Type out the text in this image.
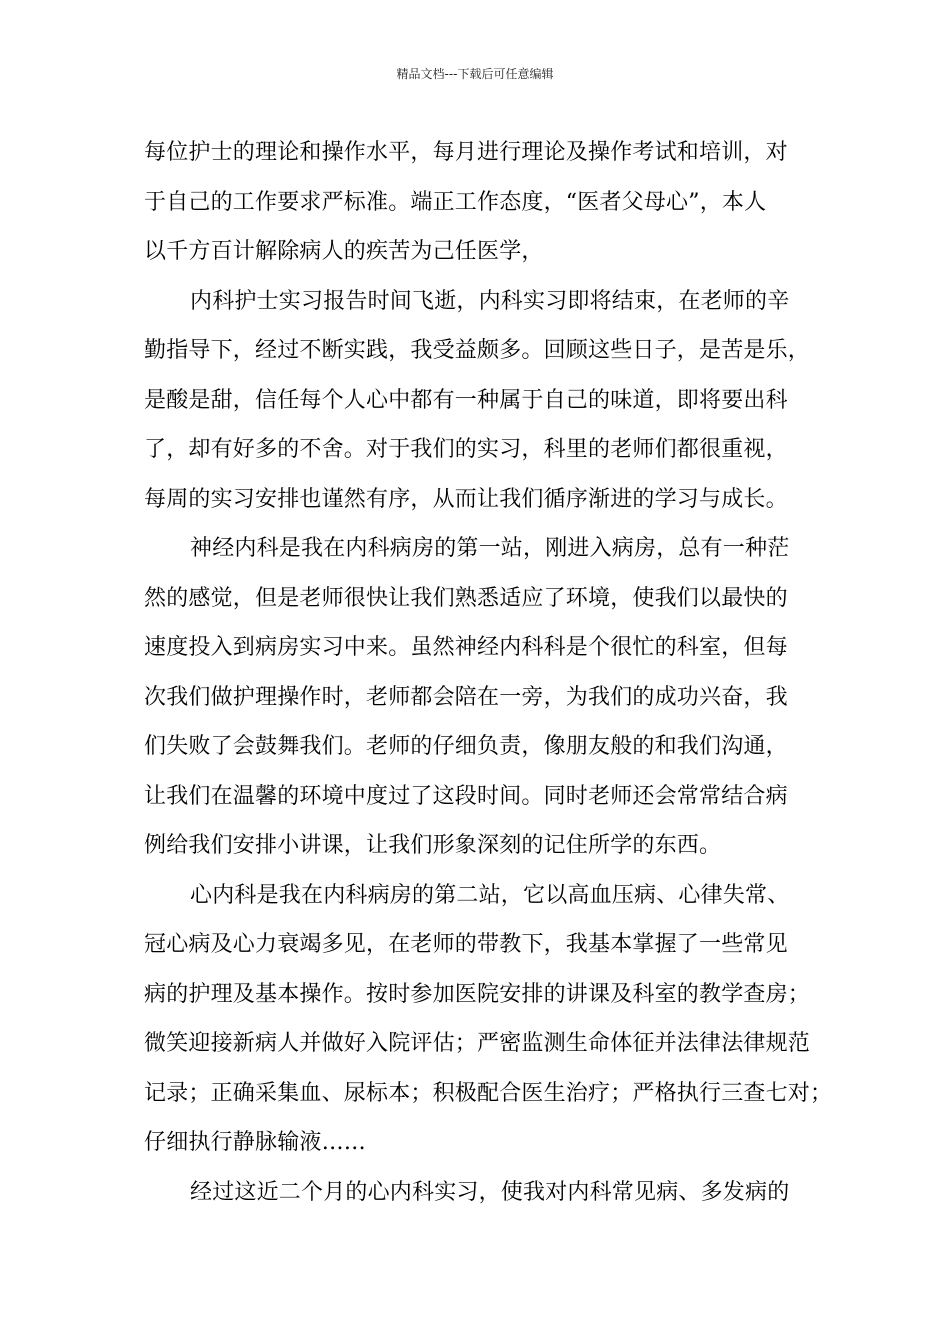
精品文档---下载后可任意编辑
每位护士的理论和操作水平，每月进行理论及操作考试和培训，对
于自己的工作要求严标准。端正工作态度，“医者父母心”，本人
以千方百计解除病人的疾苦为己任医学，
内科护士实习报告时间飞逝，内科实习即将结束，在老师的辛
勤指导下，经过不断实践，我受益颇多。回顾这些日子，是苦是乐，
是酸是甜，信任每个人心中都有一种属于自己的味道，即将要出科
了，却有好多的不舍。对于我们的实习，科里的老师们都很重视，
每周的实习安排也谨然有序，从而让我们循序渐进的学习与成长。
神经内科是我在内科病房的第一站，刚进入病房，总有一种茫
然的感觉，但是老师很快让我们熟悉适应了环境，使我们以最快的
速度投入到病房实习中来。虽然神经内科科是个很忙的科室，但每
次我们做护理操作时，老师都会陪在一旁，为我们的成功兴奋，我
们失败了会鼓舞我们。老师的仔细负责，像朋友般的和我们沟通，
让我们在温馨的环境中度过了这段时间。同时老师还会常常结合病
例给我们安排小讲课，让我们形象深刻的记住所学的东西。
心内科是我在内科病房的第二站，它以高血压病、心律失常、
冠心病及心力衰竭多见，在老师的带教下，我基本掌握了一些常见
病的护理及基本操作。按时参加医院安排的讲课及科室的教学查房；
微笑迎接新病人并做好入院评估；严密监测生命体征并法律法律规范
记录；正确采集血、尿标本；积极配合医生治疗；严格执行三查七对；
仔细执行静脉输液……
经过这近二个月的心内科实习，使我对内科常见病、多发病的
